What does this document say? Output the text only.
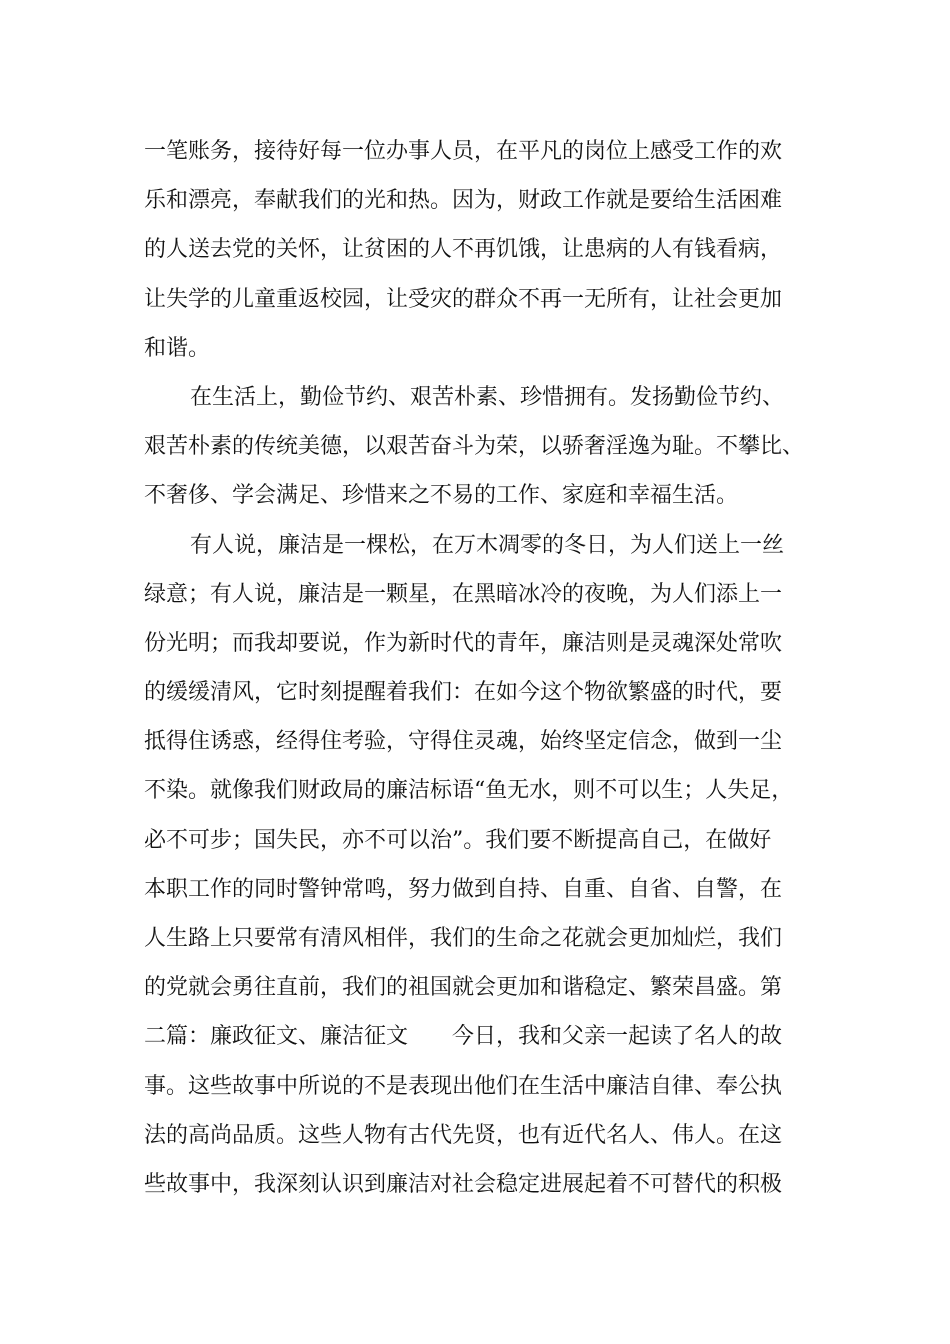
一笔账务，接待好每一位办事人员，在平凡的岗位上感受工作的欢
乐和漂亮，奉献我们的光和热。因为，财政工作就是要给生活困难
的人送去党的关怀，让贫困的人不再饥饿，让患病的人有钱看病，
让失学的儿童重返校园，让受灾的群众不再一无所有，让社会更加
和谐。
在生活上，勤俭节约、艰苦朴素、珍惜拥有。发扬勤俭节约、
艰苦朴素的传统美德，以艰苦奋斗为荣，以骄奢淫逸为耻。不攀比、
不奢侈、学会满足、珍惜来之不易的工作、家庭和幸福生活。
有人说，廉洁是一棵松，在万木凋零的冬日，为人们送上一丝
绿意；有人说，廉洁是一颗星，在黑暗冰冷的夜晚，为人们添上一
份光明；而我却要说，作为新时代的青年，廉洁则是灵魂深处常吹
的缓缓清风，它时刻提醒着我们：在如今这个物欲繁盛的时代，要
抵得住诱惑，经得住考验，守得住灵魂，始终坚定信念，做到一尘
不染。就像我们财政局的廉洁标语“鱼无水，则不可以生；人失足，
必不可步；国失民，亦不可以治”。我们要不断提高自己，在做好
本职工作的同时警钟常鸣，努力做到自持、自重、自省、自警，在
人生路上只要常有清风相伴，我们的生命之花就会更加灿烂，我们
的党就会勇往直前，我们的祖国就会更加和谐稳定、繁荣昌盛。第
二篇：廉政征文、廉洁征文　　今日，我和父亲一起读了名人的故
事。这些故事中所说的不是表现出他们在生活中廉洁自律、奉公执
法的高尚品质。这些人物有古代先贤，也有近代名人、伟人。在这
些故事中，我深刻认识到廉洁对社会稳定进展起着不可替代的积极
